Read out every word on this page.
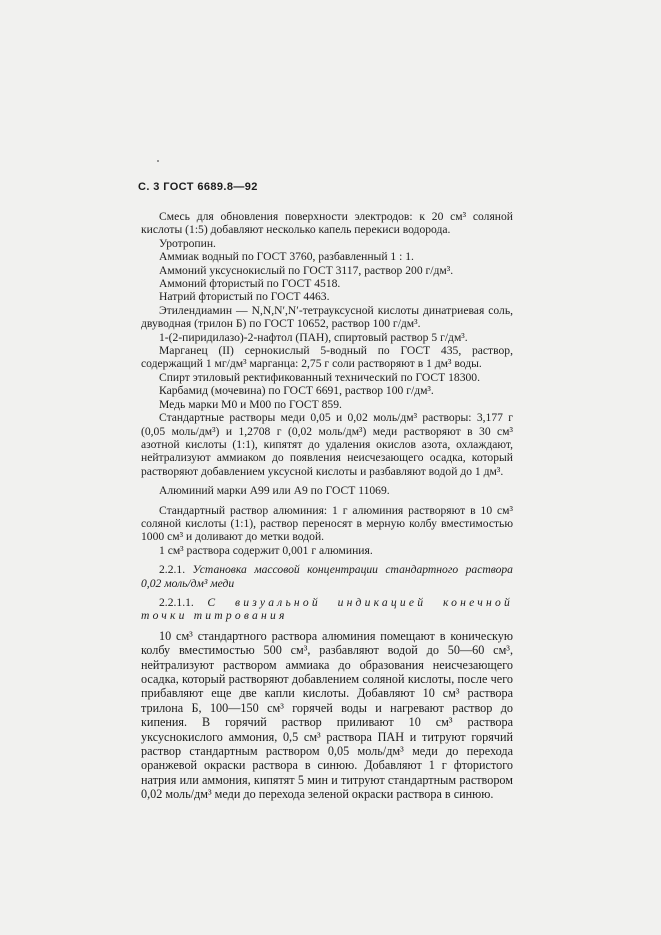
С. 3 ГОСТ 6689.8—92

Смесь для обновления поверхности электродов: к 20 см³ соляной кислоты (1:5) добавляют несколько капель перекиси водорода.

Уротропин.

Аммиак водный по ГОСТ 3760, разбавленный 1 : 1.

Аммоний уксуснокислый по ГОСТ 3117, раствор 200 г/дм³.

Аммоний фтористый по ГОСТ 4518.

Натрий фтористый по ГОСТ 4463.

Этилендиамин — N,N,N′,N′-тетрауксусной кислоты динатриевая соль, двуводная (трилон Б) по ГОСТ 10652, раствор 100 г/дм³.

1-(2-пиридилазо)-2-нафтол (ПАН), спиртовый раствор 5 г/дм³.

Марганец (II) сернокислый 5-водный по ГОСТ 435, раствор, содержащий 1 мг/дм³ марганца: 2,75 г соли растворяют в 1 дм³ воды.

Спирт этиловый ректификованный технический по ГОСТ 18300.

Карбамид (мочевина) по ГОСТ 6691, раствор 100 г/дм³.

Медь марки М0 и М00 по ГОСТ 859.

Стандартные растворы меди 0,05 и 0,02 моль/дм³ растворы: 3,177 г (0,05 моль/дм³) и 1,2708 г (0,02 моль/дм³) меди растворяют в 30 см³ азотной кислоты (1:1), кипятят до удаления окислов азота, охлаждают, нейтрализуют аммиаком до появления неисчезающего осадка, который растворяют добавлением уксусной кислоты и разбавляют водой до 1 дм³.

Алюминий марки А99 или А9 по ГОСТ 11069.

Стандартный раствор алюминия: 1 г алюминия растворяют в 10 см³ соляной кислоты (1:1), раствор переносят в мерную колбу вместимостью 1000 см³ и доливают до метки водой.

1 см³ раствора содержит 0,001 г алюминия.

2.2.1. Установка массовой концентрации стандартного раствора 0,02 моль/дм³ меди

2.2.1.1. С визуальной индикацией конечной точки титрования

10 см³ стандартного раствора алюминия помещают в коническую колбу вместимостью 500 см³, разбавляют водой до 50—60 см³, нейтрализуют раствором аммиака до образования неисчезающего осадка, который растворяют добавлением соляной кислоты, после чего прибавляют еще две капли кислоты. Добавляют 10 см³ раствора трилона Б, 100—150 см³ горячей воды и нагревают раствор до кипения. В горячий раствор приливают 10 см³ раствора уксуснокислого аммония, 0,5 см³ раствора ПАН и титруют горячий раствор стандартным раствором 0,05 моль/дм³ меди до перехода оранжевой окраски раствора в синюю. Добавляют 1 г фтористого натрия или аммония, кипятят 5 мин и титруют стандартным раствором 0,02 моль/дм³ меди до перехода зеленой окраски раствора в синюю.
